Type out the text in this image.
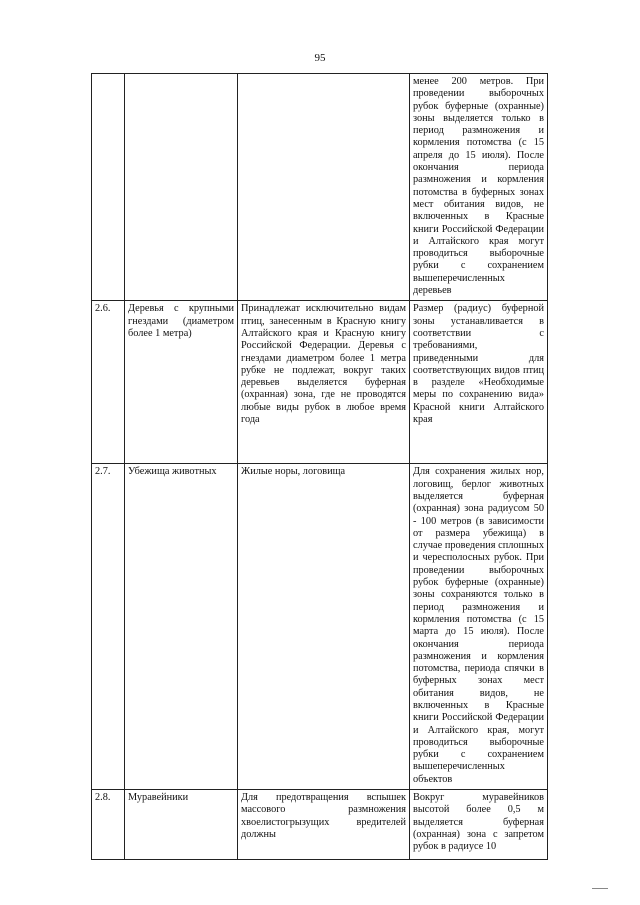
95
			менее 200 метров. При проведении выборочных рубок буферные (охранные) зоны выделяется только в период размножения и кормления потомства (с 15 апреля до 15 июля). После окончания периода размножения и кормления потомства в буферных зонах мест обитания видов, не включенных в Красные книги Российской Федерации и Алтайского края могут проводиться выборочные рубки с сохранением вышеперечисленных деревьев
2.6.	Деревья с крупными гнездами (диаметром более 1 метра)	Принадлежат исключительно видам птиц, занесенным в Красную книгу Алтайского края и Красную книгу Российской Федерации. Деревья с гнездами диаметром более 1 метра рубке не подлежат, вокруг таких деревьев выделяется буферная (охранная) зона, где не проводятся любые виды рубок в любое время года	Размер (радиус) буферной зоны устанавливается в соответствии с требованиями, приведенными для соответствующих видов птиц в разделе «Необходимые меры по сохранению вида» Красной книги Алтайского края
2.7.	Убежища животных	Жилые норы, логовища	Для сохранения жилых нор, логовищ, берлог животных выделяется буферная (охранная) зона радиусом 50 - 100 метров (в зависимости от размера убежища) в случае проведения сплошных и чересполосных рубок. При проведении выборочных рубок буферные (охранные) зоны сохраняются только в период размножения и кормления потомства (с 15 марта до 15 июля). После окончания периода размножения и кормления потомства, периода спячки в буферных зонах мест обитания видов, не включенных в Красные книги Российской Федерации и Алтайского края, могут проводиться выборочные рубки с сохранением вышеперечисленных объектов
2.8.	Муравейники	Для предотвращения вспышек массового размножения хвоелистогрызущих вредителей должны	Вокруг муравейников высотой более 0,5 м выделяется буферная (охранная) зона с запретом рубок в радиусе 10
